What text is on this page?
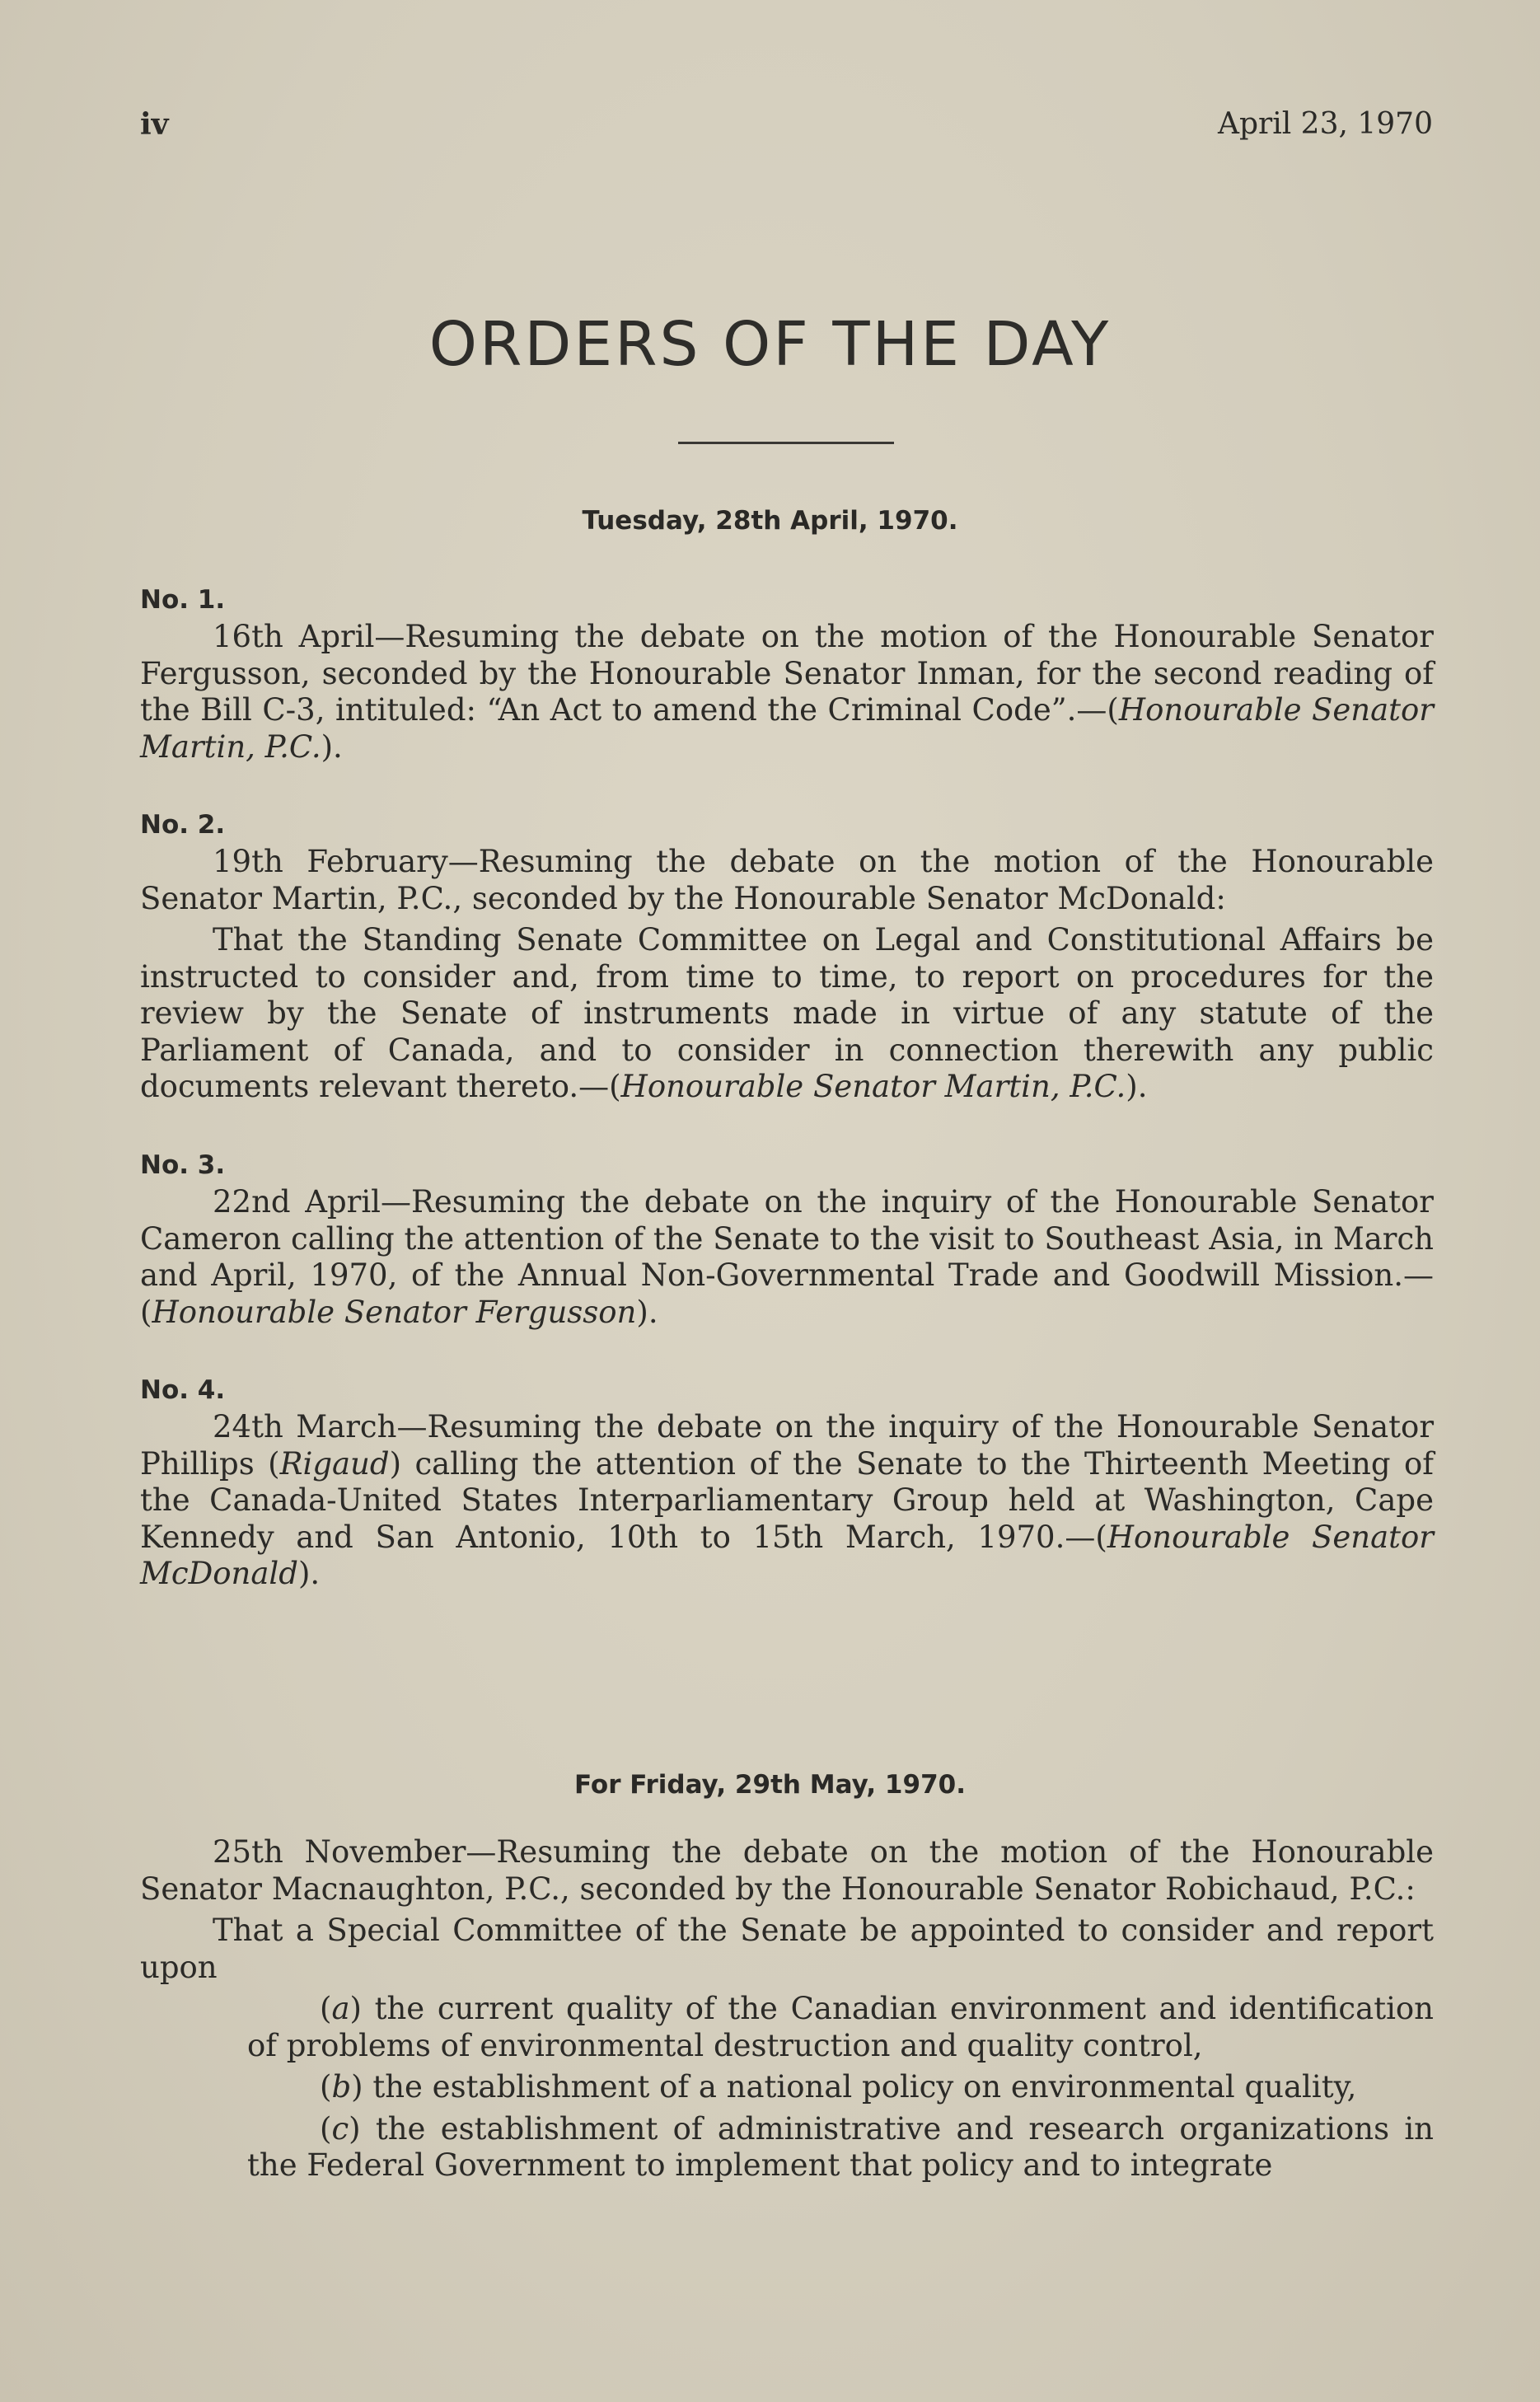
iv	April 23, 1970
ORDERS OF THE DAY
Tuesday, 28th April, 1970.
No. 1.

16th April—Resuming the debate on the motion of the Honourable Senator Fergusson, seconded by the Honourable Senator Inman, for the second reading of the Bill C-3, intituled: “An Act to amend the Criminal Code”.—(Honourable Senator Martin, P.C.).

No. 2.

19th February—Resuming the debate on the motion of the Honourable Senator Martin, P.C., seconded by the Honourable Senator McDonald:

That the Standing Senate Committee on Legal and Constitutional Affairs be instructed to consider and, from time to time, to report on procedures for the review by the Senate of instruments made in virtue of any statute of the Parliament of Canada, and to consider in connection therewith any public documents relevant thereto.—(Honourable Senator Martin, P.C.).

No. 3.

22nd April—Resuming the debate on the inquiry of the Honourable Senator Cameron calling the attention of the Senate to the visit to Southeast Asia, in March and April, 1970, of the Annual Non-Governmental Trade and Goodwill Mission.—(Honourable Senator Fergusson).

No. 4.

24th March—Resuming the debate on the inquiry of the Honourable Senator Phillips (Rigaud) calling the attention of the Senate to the Thirteenth Meeting of the Canada-United States Interparliamentary Group held at Washington, Cape Kennedy and San Antonio, 10th to 15th March, 1970.—(Honourable Senator McDonald).

For Friday, 29th May, 1970.

25th November—Resuming the debate on the motion of the Honourable Senator Macnaughton, P.C., seconded by the Honourable Senator Robichaud, P.C.:

That a Special Committee of the Senate be appointed to consider and report upon

(a) the current quality of the Canadian environment and identification of problems of environmental destruction and quality control,

(b) the establishment of a national policy on environmental quality,

(c) the establishment of administrative and research organizations in the Federal Government to implement that policy and to integrate
